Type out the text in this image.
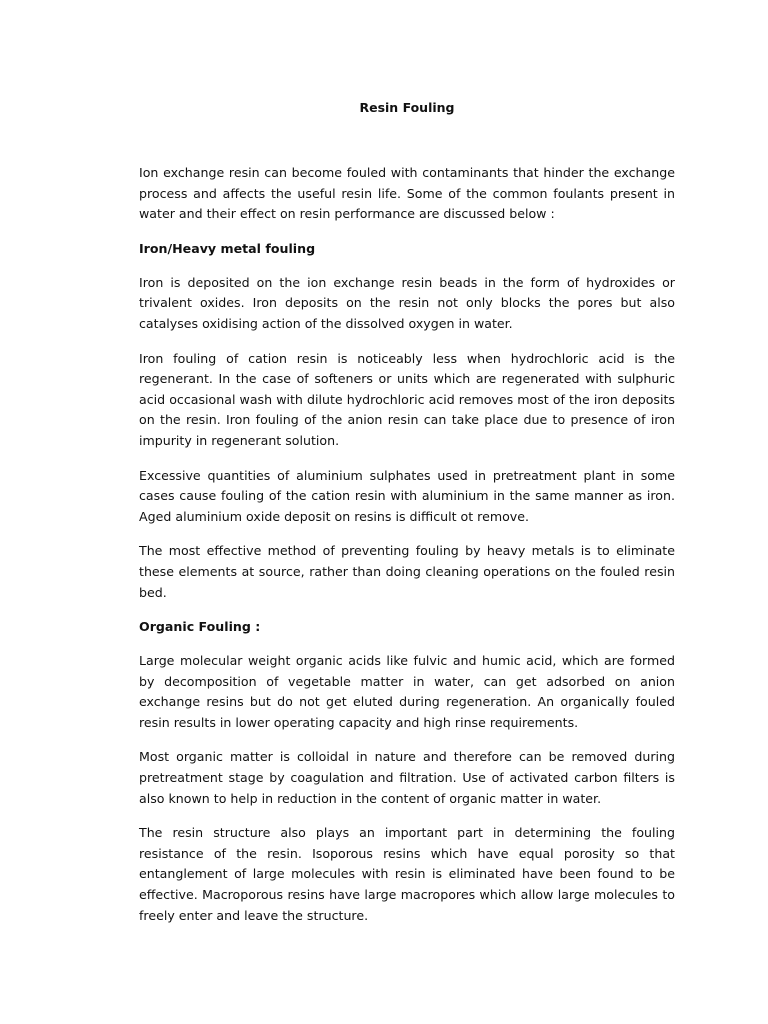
Resin Fouling

Ion exchange resin can become fouled with contaminants that hinder the exchange process and affects the useful resin life. Some of the common foulants present in water and their effect on resin performance are discussed below :

Iron/Heavy metal fouling

Iron is deposited on the ion exchange resin beads in the form of hydroxides or trivalent oxides. Iron deposits on the resin not only blocks the pores but also catalyses oxidising action of the dissolved oxygen in water.

Iron fouling of cation resin is noticeably less when hydrochloric acid is the regenerant. In the case of softeners or units which are regenerated with sulphuric acid occasional wash with dilute hydrochloric acid removes most of the iron deposits on the resin. Iron fouling of the anion resin can take place due to presence of iron impurity in regenerant solution.

Excessive quantities of aluminium sulphates used in pretreatment plant in some cases cause fouling of the cation resin with aluminium in the same manner as iron. Aged aluminium oxide deposit on resins is difficult ot remove.

The most effective method of preventing fouling by heavy metals is to eliminate these elements at source, rather than doing cleaning operations on the fouled resin bed.

Organic Fouling :

Large molecular weight organic acids like fulvic and humic acid, which are formed by decomposition of vegetable matter in water, can get adsorbed on anion exchange resins but do not get eluted during regeneration. An organically fouled resin results in lower operating capacity and high rinse requirements.

Most organic matter is colloidal in nature and therefore can be removed during pretreatment stage by coagulation and filtration. Use of activated carbon filters is also known to help in reduction in the content of organic matter in water.

The resin structure also plays an important part in determining the fouling resistance of the resin. Isoporous resins which have equal porosity so that entanglement of large molecules with resin is eliminated have been found to be effective. Macroporous resins have large macropores which allow large molecules to freely enter and leave the structure.
